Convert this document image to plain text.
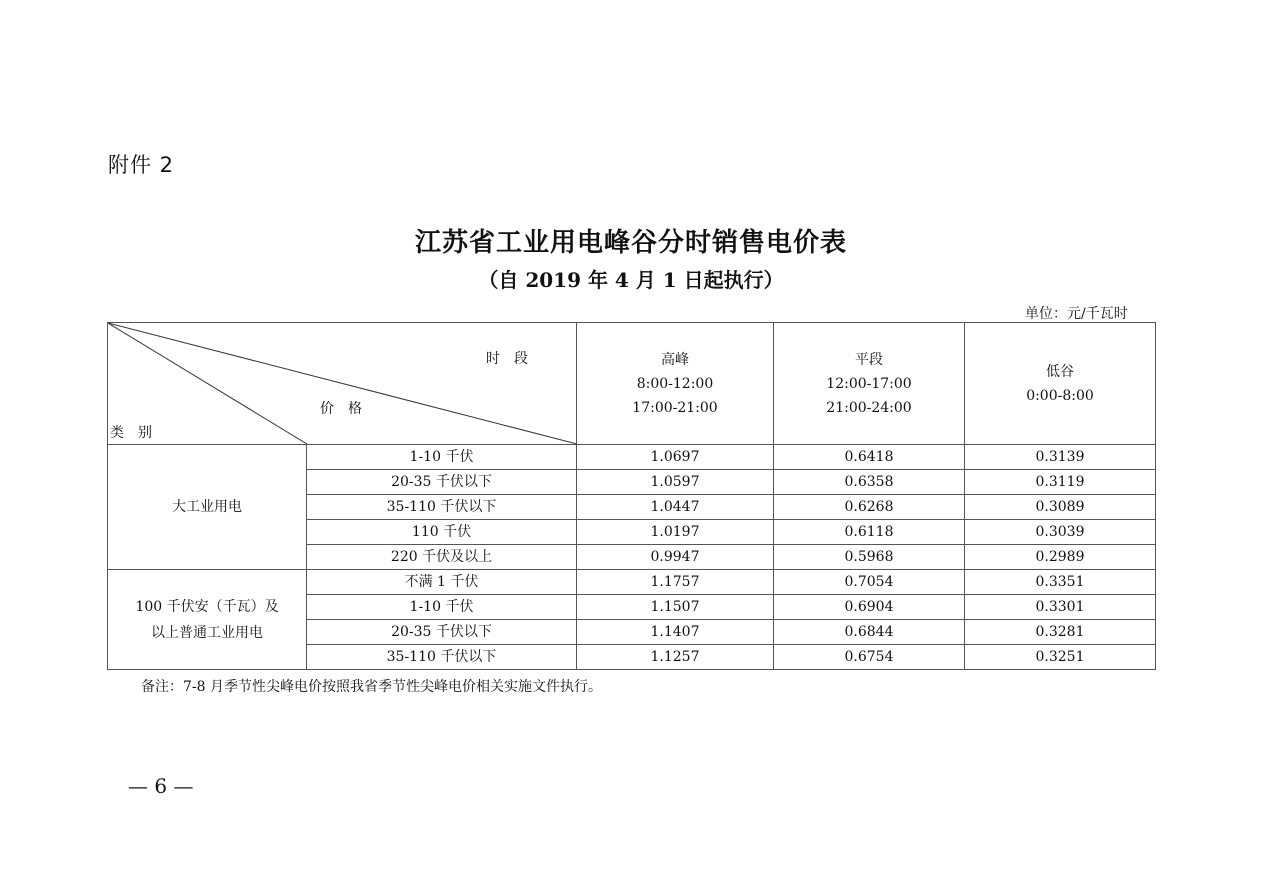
附件 2
江苏省工业用电峰谷分时销售电价表
（自 2019 年 4 月 1 日起执行）
单位：元/千瓦时
时　段
价　格
类　别		高峰
8:00-12:00
17:00-21:00	平段
12:00-17:00
21:00-24:00	低谷
0:00-8:00

大工业用电	1-10 千伏	1.0697	0.6418	0.3139
	20-35 千伏以下	1.0597	0.6358	0.3119
	35-110 千伏以下	1.0447	0.6268	0.3089
	110 千伏	1.0197	0.6118	0.3039
	220 千伏及以上	0.9947	0.5968	0.2989

100 千伏安（千瓦）及
以上普通工业用电	不满 1 千伏	1.1757	0.7054	0.3351
	1-10 千伏	1.1507	0.6904	0.3301
	20-35 千伏以下	1.1407	0.6844	0.3281
	35-110 千伏以下	1.1257	0.6754	0.3251
备注：7-8 月季节性尖峰电价按照我省季节性尖峰电价相关实施文件执行。
— 6 —
